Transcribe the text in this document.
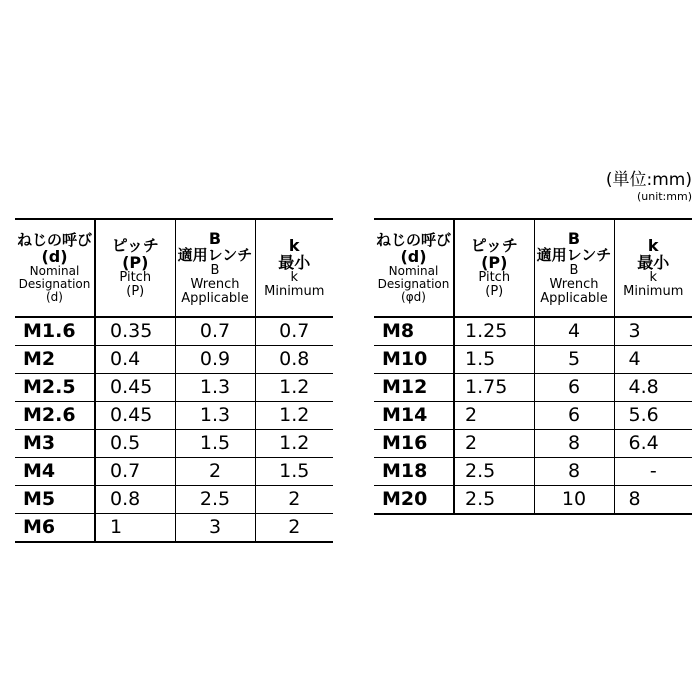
(単位:mm)
(unit:mm)
ねじの呼び
(d)
Nominal
Designation
(d)	ピッチ
(P)
Pitch
(P)	B
適用レンチ
B
Wrench
Applicable	k
最小
k
Minimum

M1.6	0.35	0.7	0.7
M2	0.4	0.9	0.8
M2.5	0.45	1.3	1.2
M2.6	0.45	1.3	1.2
M3	0.5	1.5	1.2
M4	0.7	2	1.5
M5	0.8	2.5	2
M6	1	3	2
ねじの呼び
(d)
Nominal
Designation
(φd)	ピッチ
(P)
Pitch
(P)	B
適用レンチ
B
Wrench
Applicable	k
最小
k
Minimum

M8	1.25	4	3
M10	1.5	5	4
M12	1.75	6	4.8
M14	2	6	5.6
M16	2	8	6.4
M18	2.5	8	-
M20	2.5	10	8
